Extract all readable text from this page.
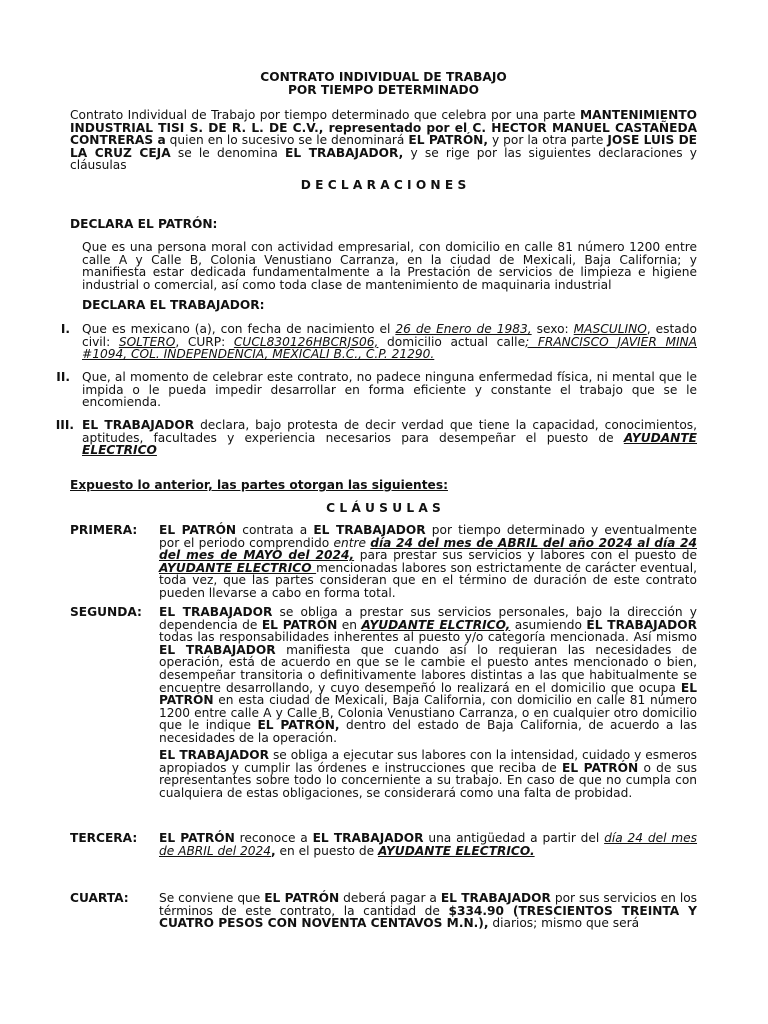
CONTRATO INDIVIDUAL DE TRABAJO
POR TIEMPO DETERMINADO
Contrato Individual de Trabajo por tiempo determinado que celebra por una parte MANTENIMIENTO INDUSTRIAL TISI S. DE R. L. DE C.V., representado por el C. HECTOR MANUEL CASTAÑEDA CONTRERAS a quien en lo sucesivo se le denominará EL PATRÓN, y por la otra parte JOSE LUIS DE LA CRUZ CEJA se le denomina EL TRABAJADOR, y se rige por las siguientes declaraciones y cláusulas
D E C L A R A C I O N E S
DECLARA EL PATRÓN:
Que es una persona moral con actividad empresarial, con domicilio en calle 81 número 1200 entre calle A y Calle B, Colonia Venustiano Carranza, en la ciudad de Mexicali, Baja California; y manifiesta estar dedicada fundamentalmente a la Prestación de servicios de limpieza e higiene industrial o comercial, así como toda clase de mantenimiento de maquinaria industrial
DECLARA EL TRABAJADOR:
I. Que es mexicano (a), con fecha de nacimiento el 26 de Enero de 1983, sexo: MASCULINO, estado civil: SOLTERO, CURP: CUCL830126HBCRJS06, domicilio actual calle; FRANCISCO JAVIER MINA #1094, COL. INDEPENDENCIA, MEXICALI B.C., C.P. 21290.
II. Que, al momento de celebrar este contrato, no padece ninguna enfermedad física, ni mental que le impida o le pueda impedir desarrollar en forma eficiente y constante el trabajo que se le encomienda.
III. EL TRABAJADOR declara, bajo protesta de decir verdad que tiene la capacidad, conocimientos, aptitudes, facultades y experiencia necesarios para desempeñar el puesto de AYUDANTE ELECTRICO
Expuesto lo anterior, las partes otorgan las siguientes:
C L Á U S U L A S
PRIMERA: EL PATRÓN contrata a EL TRABAJADOR por tiempo determinado y eventualmente por el periodo comprendido entre día 24 del mes de ABRIL del año 2024 al día 24 del mes de MAYO del 2024, para prestar sus servicios y labores con el puesto de AYUDANTE ELECTRICO mencionadas labores son estrictamente de carácter eventual, toda vez, que las partes consideran que en el término de duración de este contrato pueden llevarse a cabo en forma total.
SEGUNDA: EL TRABAJADOR se obliga a prestar sus servicios personales, bajo la dirección y dependencia de EL PATRÓN en AYUDANTE ELCTRICO, asumiendo EL TRABAJADOR todas las responsabilidades inherentes al puesto y/o categoría mencionada. Así mismo EL TRABAJADOR manifiesta que cuando así lo requieran las necesidades de operación, está de acuerdo en que se le cambie el puesto antes mencionado o bien, desempeñar transitoria o definitivamente labores distintas a las que habitualmente se encuentre desarrollando, y cuyo desempeñó lo realizará en el domicilio que ocupa EL PATRÓN en esta ciudad de Mexicali, Baja California, con domicilio en calle 81 número 1200 entre calle A y Calle B, Colonia Venustiano Carranza, o en cualquier otro domicilio que le indique EL PATRÓN, dentro del estado de Baja California, de acuerdo a las necesidades de la operación.
EL TRABAJADOR se obliga a ejecutar sus labores con la intensidad, cuidado y esmeros apropiados y cumplir las órdenes e instrucciones que reciba de EL PATRÓN o de sus representantes sobre todo lo concerniente a su trabajo. En caso de que no cumpla con cualquiera de estas obligaciones, se considerará como una falta de probidad.
TERCERA: EL PATRÓN reconoce a EL TRABAJADOR una antigüedad a partir del día 24 del mes de ABRIL del 2024, en el puesto de AYUDANTE ELECTRICO.
CUARTA: Se conviene que EL PATRÓN deberá pagar a EL TRABAJADOR por sus servicios en los términos de este contrato, la cantidad de $334.90 (TRESCIENTOS TREINTA Y CUATRO PESOS CON NOVENTA CENTAVOS M.N.), diarios; mismo que será
